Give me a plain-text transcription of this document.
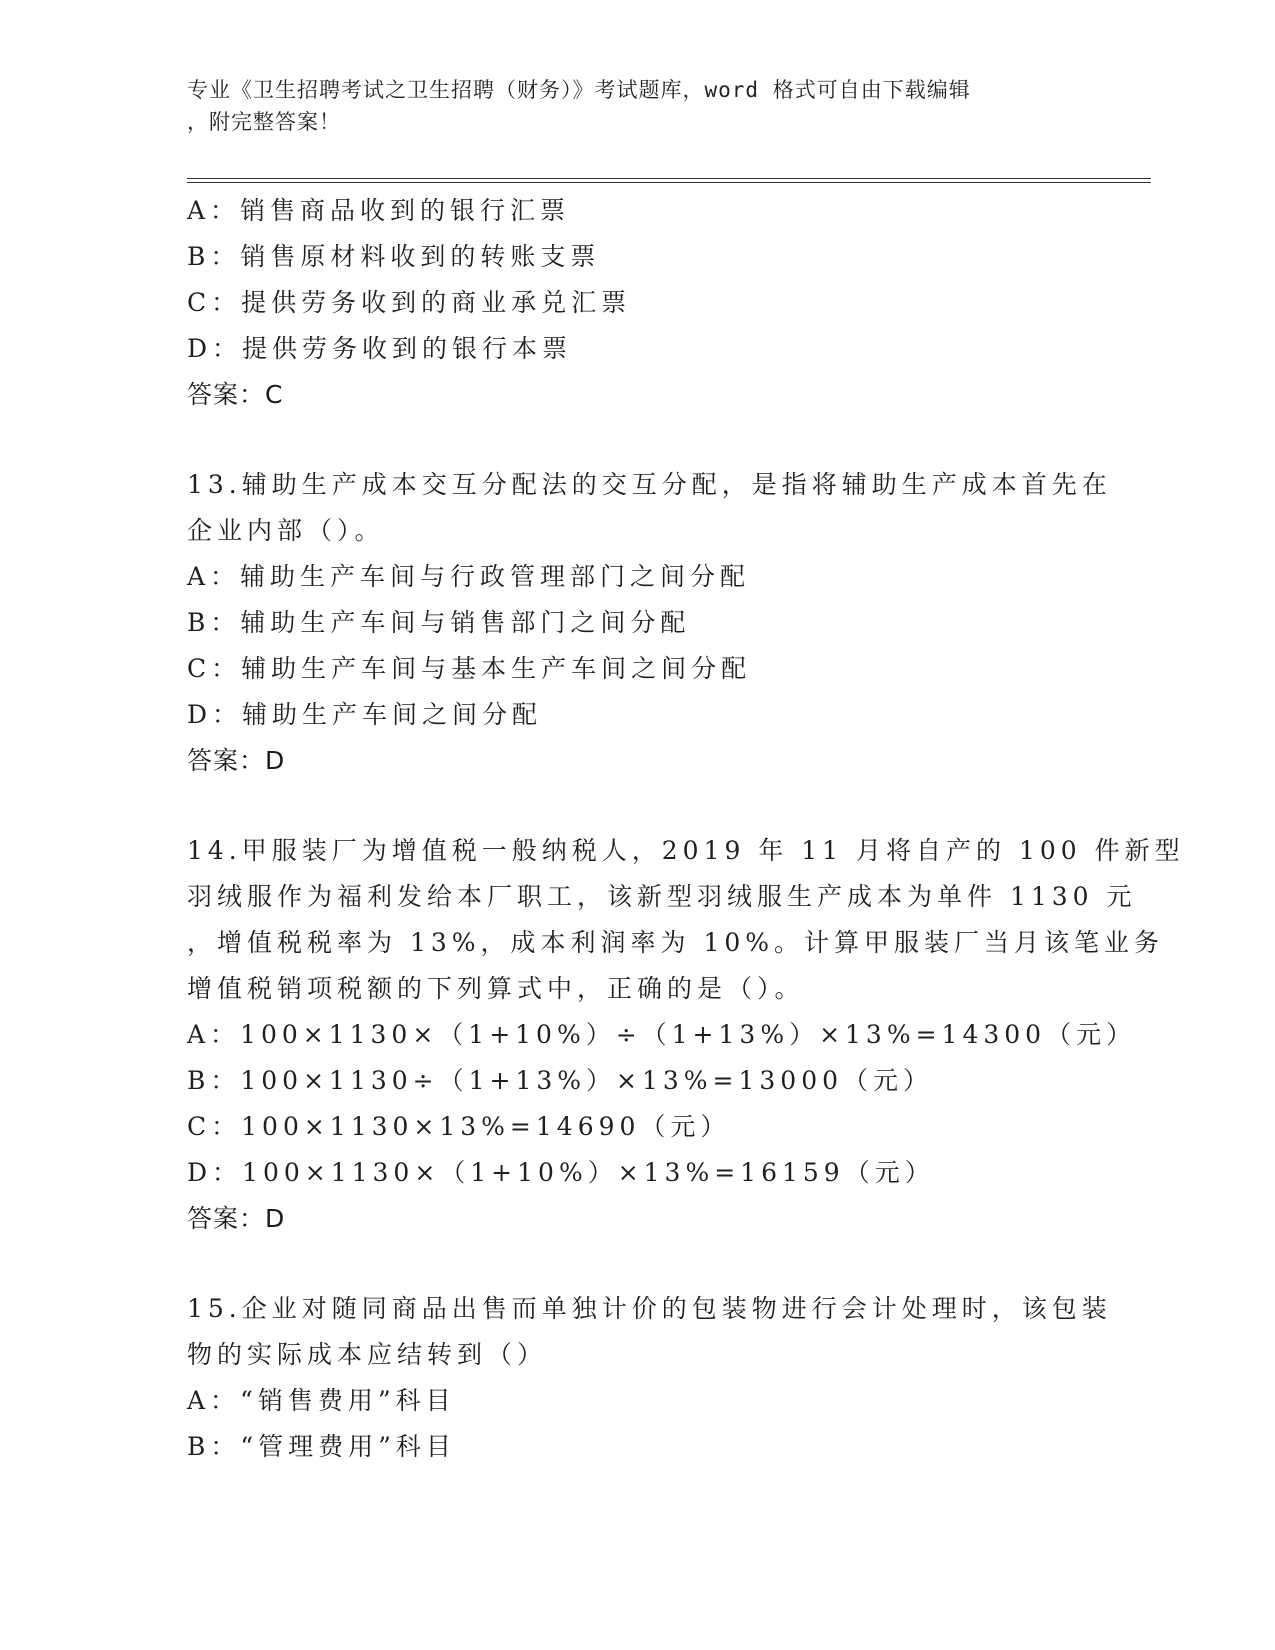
专业《卫生招聘考试之卫生招聘（财务）》考试题库，word 格式可自由下载编辑
，附完整答案！
A：销售商品收到的银行汇票
B：销售原材料收到的转账支票
C：提供劳务收到的商业承兑汇票
D：提供劳务收到的银行本票
答案：C
13.辅助生产成本交互分配法的交互分配，是指将辅助生产成本首先在
企业内部（）。
A：辅助生产车间与行政管理部门之间分配
B：辅助生产车间与销售部门之间分配
C：辅助生产车间与基本生产车间之间分配
D：辅助生产车间之间分配
答案：D
14.甲服装厂为增值税一般纳税人，2019 年 11 月将自产的 100 件新型
羽绒服作为福利发给本厂职工，该新型羽绒服生产成本为单件 1130 元
，增值税税率为 13%，成本利润率为 10%。计算甲服装厂当月该笔业务
增值税销项税额的下列算式中，正确的是（）。
A：100×1130×（1+10%）÷（1+13%）×13%=14300（元）
B：100×1130÷（1+13%）×13%=13000（元）
C：100×1130×13%=14690（元）
D：100×1130×（1+10%）×13%=16159（元）
答案：D
15.企业对随同商品出售而单独计价的包装物进行会计处理时，该包装
物的实际成本应结转到（）
A：“销售费用”科目
B：“管理费用”科目
